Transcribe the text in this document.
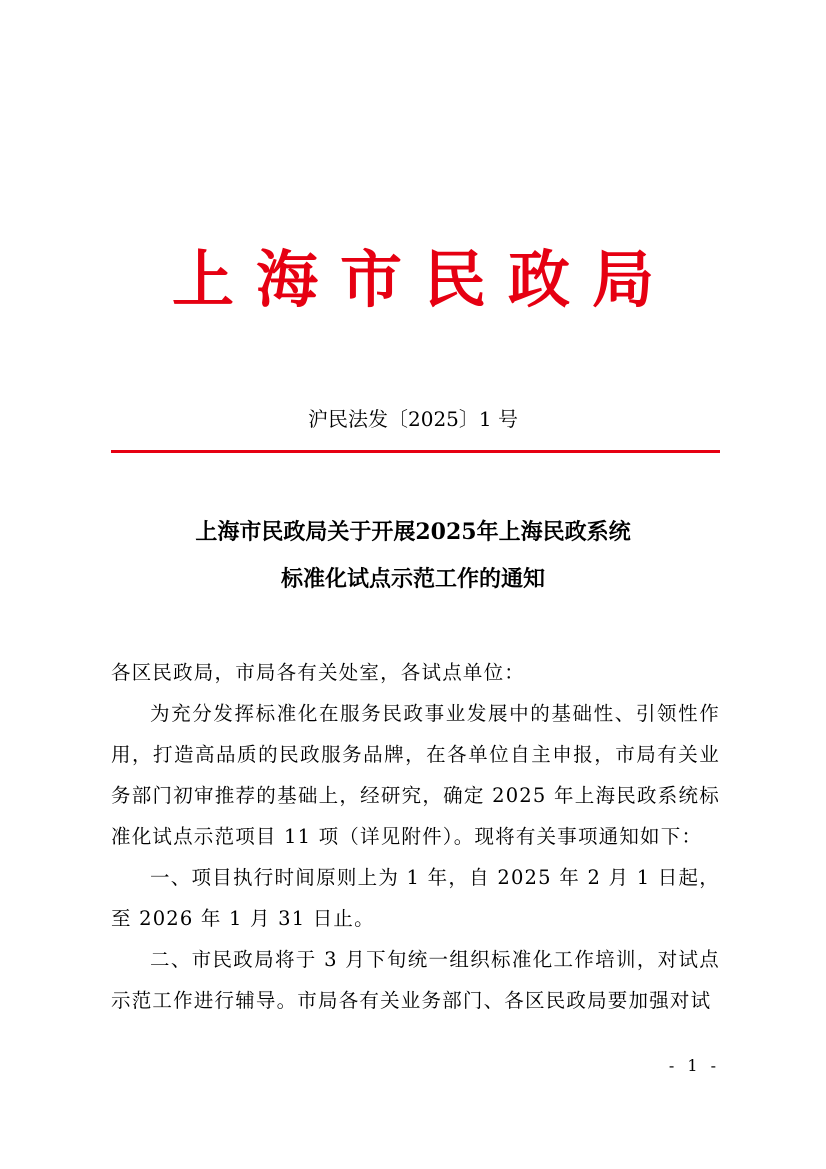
上海市民政局
沪民法发〔2025〕1 号
上海市民政局关于开展2025年上海民政系统
标准化试点示范工作的通知

各区民政局，市局各有关处室，各试点单位：

为充分发挥标准化在服务民政事业发展中的基础性、引领性作用，打造高品质的民政服务品牌，在各单位自主申报，市局有关业务部门初审推荐的基础上，经研究，确定 2025 年上海民政系统标准化试点示范项目 11 项（详见附件）。现将有关事项通知如下：

一、项目执行时间原则上为 1 年，自 2025 年 2 月 1 日起，至 2026 年 1 月 31 日止。

二、市民政局将于 3 月下旬统一组织标准化工作培训，对试点示范工作进行辅导。市局各有关业务部门、各区民政局要加强对试

- 1 -
